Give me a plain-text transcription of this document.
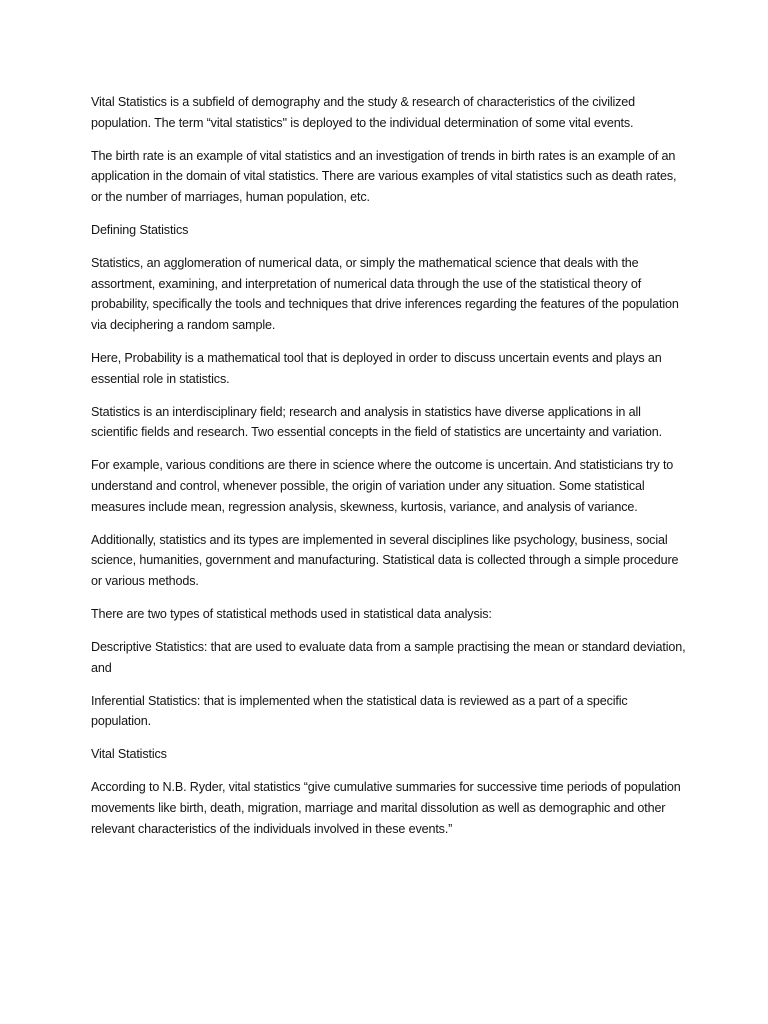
Vital Statistics is a subfield of demography and the study & research of characteristics of the civilized population. The term “vital statistics'' is deployed to the individual determination of some vital events.

The birth rate is an example of vital statistics and an investigation of trends in birth rates is an example of an application in the domain of vital statistics. There are various examples of vital statistics such as death rates, or the number of marriages, human population, etc.

Defining Statistics

Statistics, an agglomeration of numerical data, or simply the mathematical science that deals with the assortment, examining, and interpretation of numerical data through the use of the statistical theory of probability, specifically the tools and techniques that drive inferences regarding the features of the population via deciphering a random sample.

Here, Probability is a mathematical tool that is deployed in order to discuss uncertain events and plays an essential role in statistics.

Statistics is an interdisciplinary field; research and analysis in statistics have diverse applications in all scientific fields and research. Two essential concepts in the field of statistics are uncertainty and variation.

For example, various conditions are there in science where the outcome is uncertain. And statisticians try to understand and control, whenever possible, the origin of variation under any situation. Some statistical measures include mean, regression analysis, skewness, kurtosis, variance, and analysis of variance.

Additionally, statistics and its types are implemented in several disciplines like psychology, business, social science, humanities, government and manufacturing. Statistical data is collected through a simple procedure or various methods.

There are two types of statistical methods used in statistical data analysis:

Descriptive Statistics: that are used to evaluate data from a sample practising the mean or standard deviation, and

Inferential Statistics: that is implemented when the statistical data is reviewed as a part of a specific population.

Vital Statistics

According to N.B. Ryder, vital statistics “give cumulative summaries for successive time periods of population movements like birth, death, migration, marriage and marital dissolution as well as demographic and other relevant characteristics of the individuals involved in these events.”
